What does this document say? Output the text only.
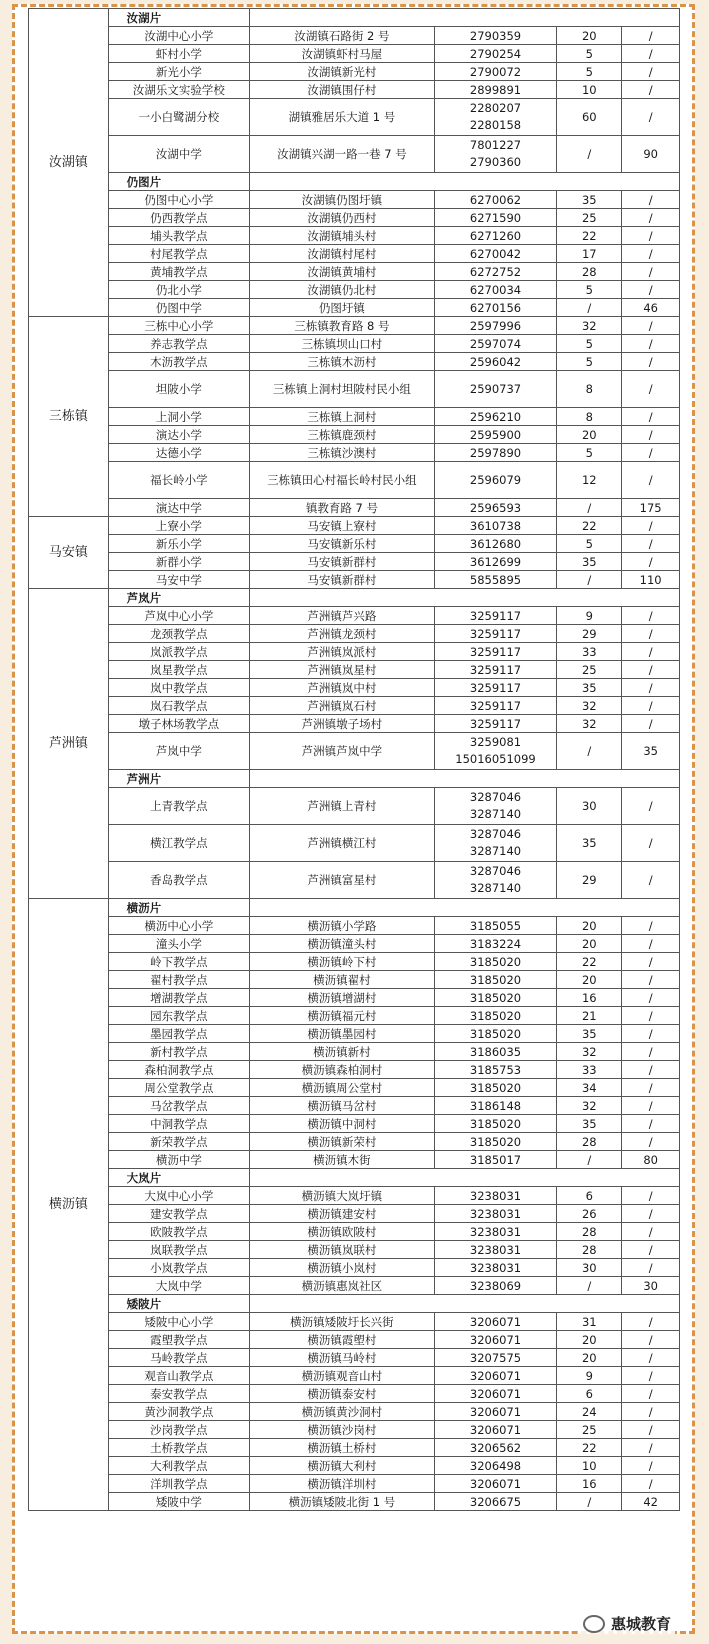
汝湖镇	汝湖片				
	汝湖中心小学	汝湖镇石路街 2 号	2790359	20	/
	虾村小学	汝湖镇虾村马屋	2790254	5	/
	新光小学	汝湖镇新光村	2790072	5	/
	汝湖乐文实验学校	汝湖镇围仔村	2899891	10	/
	一小白鹭湖分校	湖镇雅居乐大道 1 号	2280207
2280158	60	/
	汝湖中学	汝湖镇兴湖一路一巷 7 号	7801227
2790360	/	90
	仍图片				
	仍图中心小学	汝湖镇仍图圩镇	6270062	35	/
	仍西教学点	汝湖镇仍西村	6271590	25	/
	埔头教学点	汝湖镇埔头村	6271260	22	/
	村尾教学点	汝湖镇村尾村	6270042	17	/
	黄埔教学点	汝湖镇黄埔村	6272752	28	/
	仍北小学	汝湖镇仍北村	6270034	5	/
	仍图中学	仍图圩镇	6270156	/	46
三栋镇	三栋中心小学	三栋镇教育路 8 号	2597996	32	/
	养志教学点	三栋镇坝山口村	2597074	5	/
	木沥教学点	三栋镇木沥村	2596042	5	/
	坦陂小学	三栋镇上洞村坦陂村民小组	2590737	8	/
	上洞小学	三栋镇上洞村	2596210	8	/
	演达小学	三栋镇鹿颈村	2595900	20	/
	达德小学	三栋镇沙澳村	2597890	5	/
	福长岭小学	三栋镇田心村福长岭村民小组	2596079	12	/
	演达中学	镇教育路 7 号	2596593	/	175
马安镇	上寮小学	马安镇上寮村	3610738	22	/
	新乐小学	马安镇新乐村	3612680	5	/
	新群小学	马安镇新群村	3612699	35	/
	马安中学	马安镇新群村	5855895	/	110
芦洲镇	芦岚片				
	芦岚中心小学	芦洲镇芦兴路	3259117	9	/
	龙颈教学点	芦洲镇龙颈村	3259117	29	/
	岚派教学点	芦洲镇岚派村	3259117	33	/
	岚星教学点	芦洲镇岚星村	3259117	25	/
	岚中教学点	芦洲镇岚中村	3259117	35	/
	岚石教学点	芦洲镇岚石村	3259117	32	/
	墩子林场教学点	芦洲镇墩子场村	3259117	32	/
	芦岚中学	芦洲镇芦岚中学	3259081
15016051099	/	35
	芦洲片				
	上青教学点	芦洲镇上青村	3287046
3287140	30	/
	横江教学点	芦洲镇横江村	3287046
3287140	35	/
	香岛教学点	芦洲镇富星村	3287046
3287140	29	/
横沥镇	横沥片				
	横沥中心小学	横沥镇小学路	3185055	20	/
	潼头小学	横沥镇潼头村	3183224	20	/
	岭下教学点	横沥镇岭下村	3185020	22	/
	翟村教学点	横沥镇翟村	3185020	20	/
	增湖教学点	横沥镇增湖村	3185020	16	/
	园东教学点	横沥镇福元村	3185020	21	/
	墨园教学点	横沥镇墨园村	3185020	35	/
	新村教学点	横沥镇新村	3186035	32	/
	森柏洞教学点	横沥镇森柏洞村	3185753	33	/
	周公堂教学点	横沥镇周公堂村	3185020	34	/
	马岔教学点	横沥镇马岔村	3186148	32	/
	中洞教学点	横沥镇中洞村	3185020	35	/
	新荣教学点	横沥镇新荣村	3185020	28	/
	横沥中学	横沥镇木街	3185017	/	80
	大岚片				
	大岚中心小学	横沥镇大岚圩镇	3238031	6	/
	建安教学点	横沥镇建安村	3238031	26	/
	欧陂教学点	横沥镇欧陂村	3238031	28	/
	岚联教学点	横沥镇岚联村	3238031	28	/
	小岚教学点	横沥镇小岚村	3238031	30	/
	大岚中学	横沥镇惠岚社区	3238069	/	30
	矮陂片				
	矮陂中心小学	横沥镇矮陂圩长兴街	3206071	31	/
	霞塱教学点	横沥镇霞塱村	3206071	20	/
	马岭教学点	横沥镇马岭村	3207575	20	/
	观音山教学点	横沥镇观音山村	3206071	9	/
	泰安教学点	横沥镇泰安村	3206071	6	/
	黄沙洞教学点	横沥镇黄沙洞村	3206071	24	/
	沙岗教学点	横沥镇沙岗村	3206071	25	/
	土桥教学点	横沥镇土桥村	3206562	22	/
	大利教学点	横沥镇大利村	3206498	10	/
	洋圳教学点	横沥镇洋圳村	3206071	16	/
	矮陂中学	横沥镇矮陂北街 1 号	3206675	/	42
惠城教育
